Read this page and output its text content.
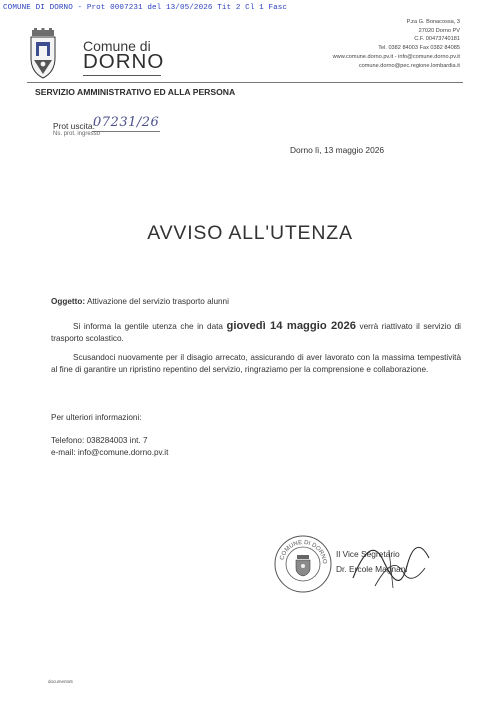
COMUNE DI DORNO - Prot 0007231 del 13/05/2026 Tit 2 Cl 1 Fasc
Comune di
DORNO
P.za G. Bonacossa, 3
27020 Dorno PV
C.F. 00473740181
Tel. 0382 84003 Fax 0382 84085
www.comune.dorno.pv.it - info@comune.dorno.pv.it
comune.dorno@pec.regione.lombardia.it
SERVIZIO AMMINISTRATIVO ED ALLA PERSONA
Prot uscita:
07231/26
Ns. prot. ingresso
Dorno lì, 13 maggio 2026
AVVISO ALL'UTENZA
Oggetto: Attivazione del servizio trasporto alunni
Si informa la gentile utenza che in data giovedì 14 maggio 2026 verrà riattivato il servizio di trasporto scolastico.
Scusandoci nuovamente per il disagio arrecato, assicurando di aver lavorato con la massima tempestività al fine di garantire un ripristino repentino del servizio, ringraziamo per la comprensione e collaborazione.
Per ulteriori informazioni:
Telefono: 038284003 int. 7
e-mail: info@comune.dorno.pv.it
COMUNE DI DORNO
Il Vice Segretario
Dr. Ercole Magnani
documento5
